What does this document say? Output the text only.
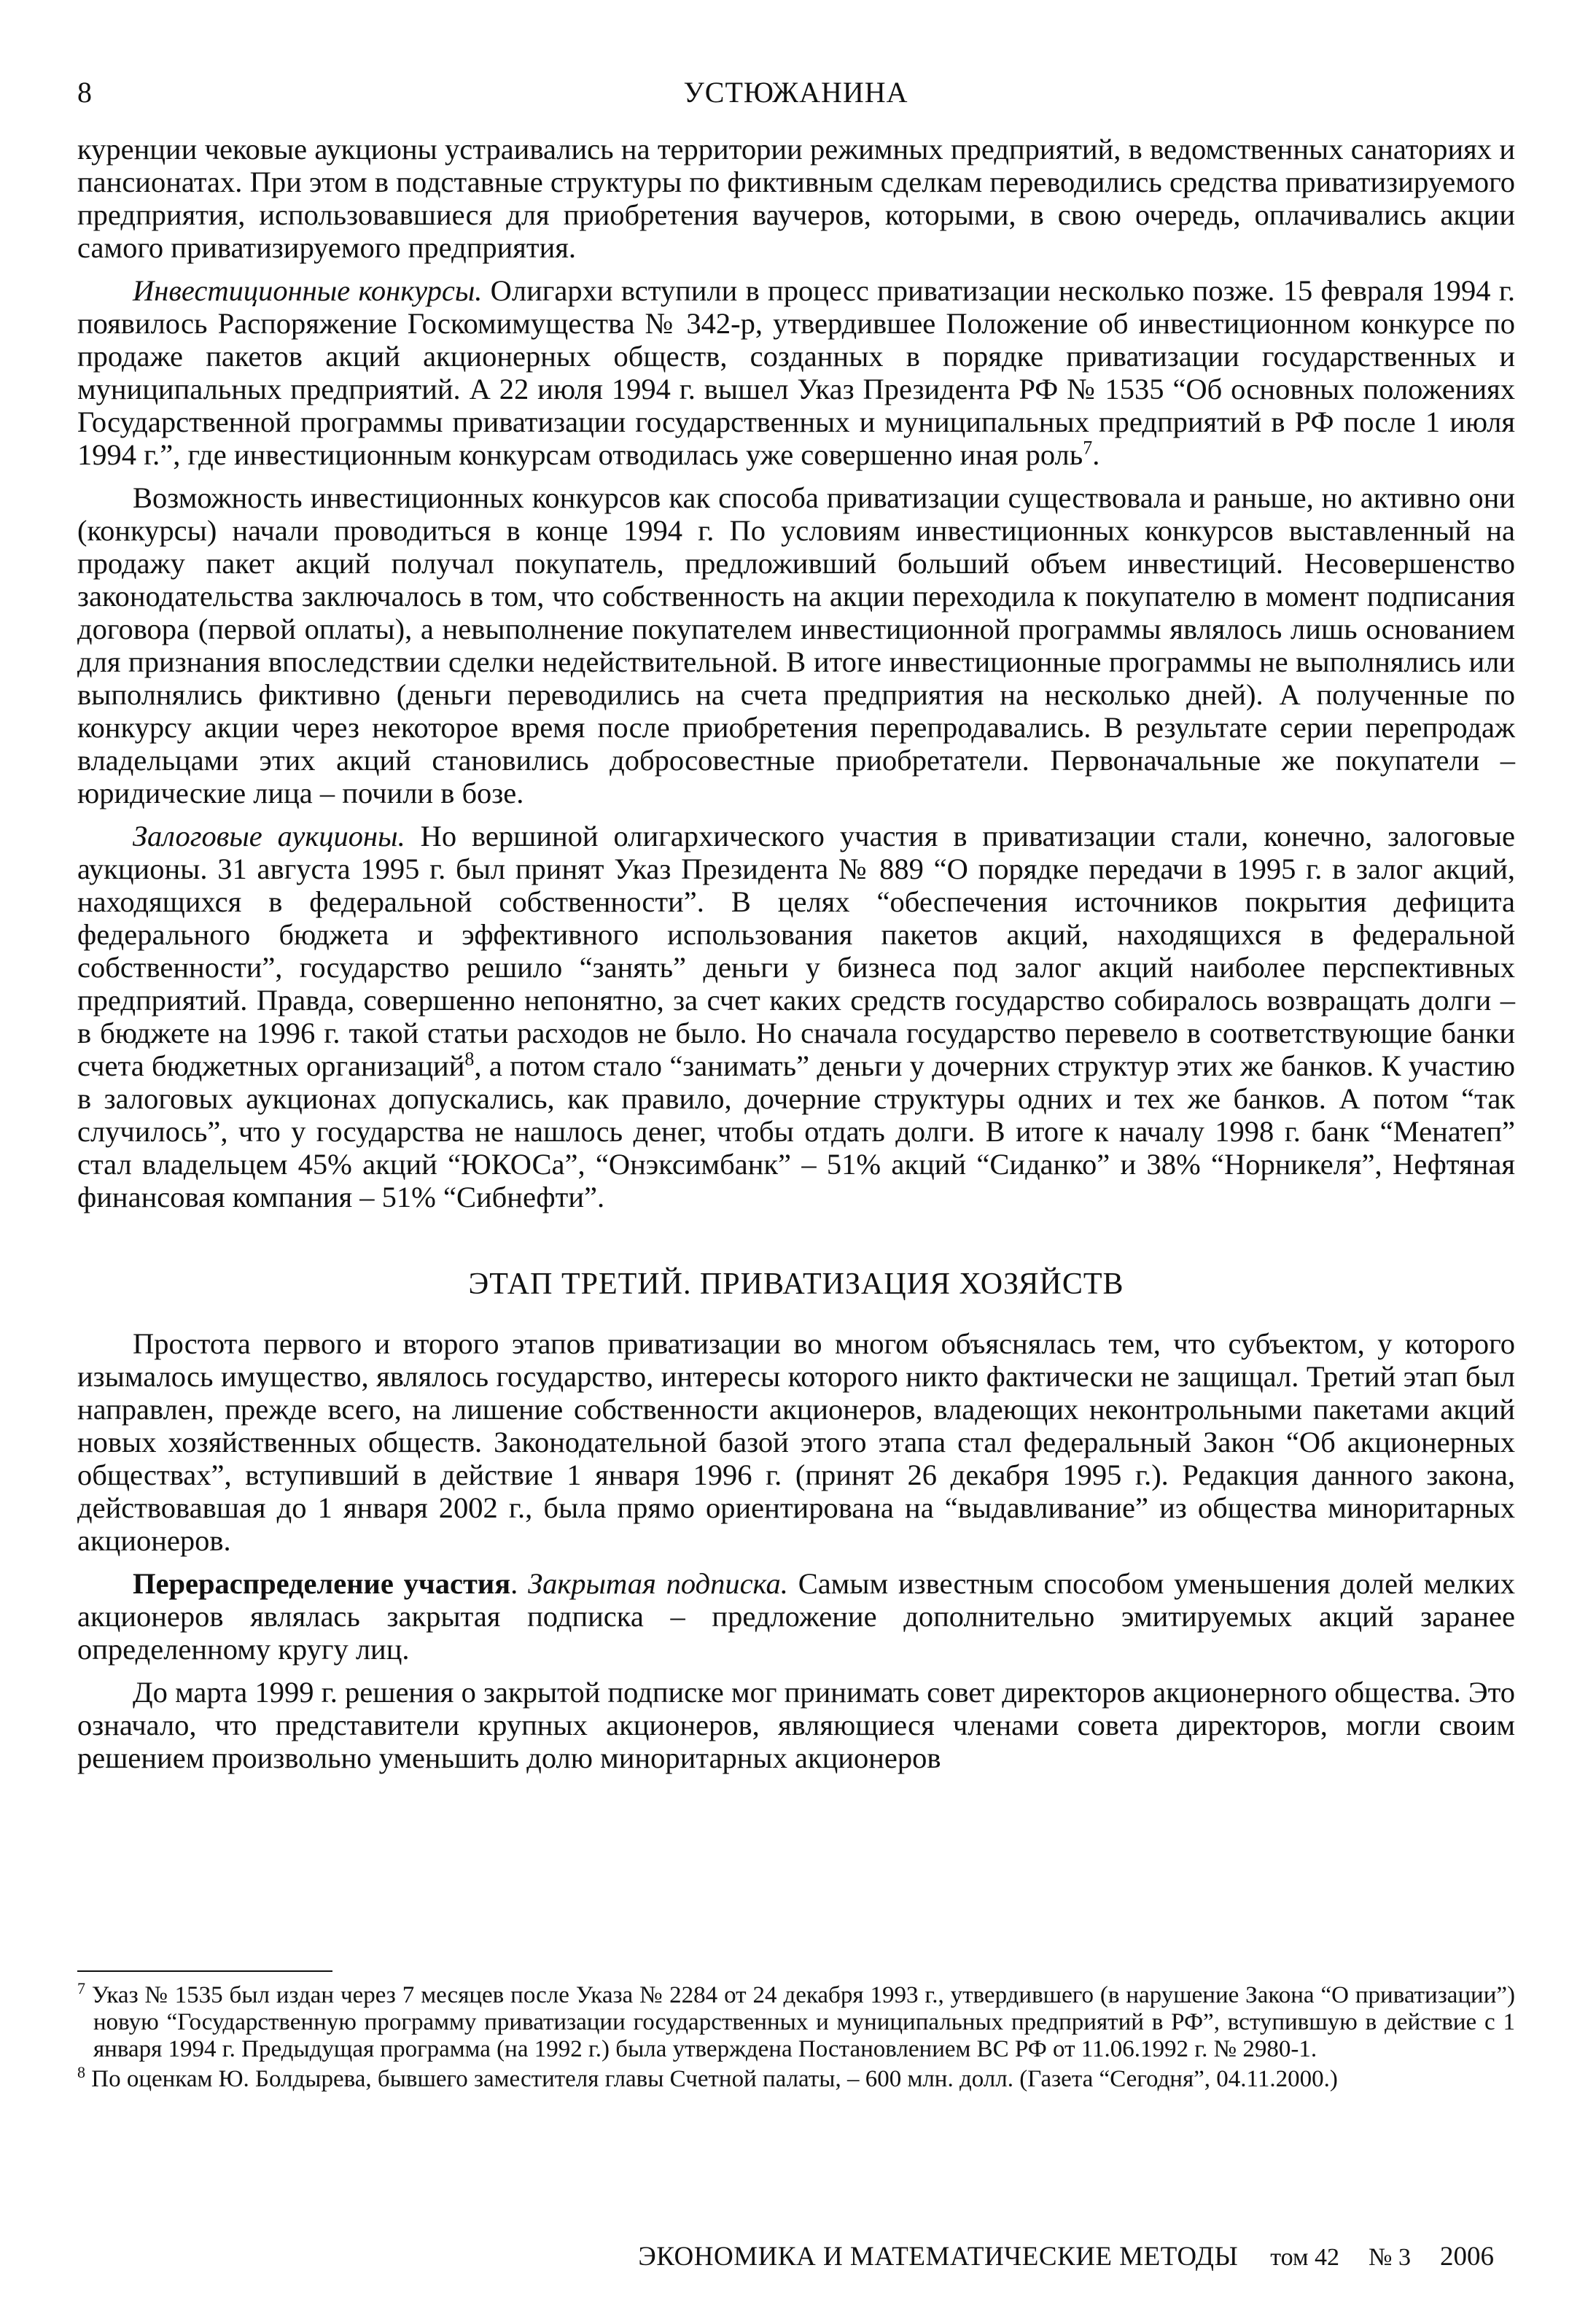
8	УСТЮЖАНИНА

куренции чековые аукционы устраивались на территории режимных предприятий, в ведомственных санаториях и пансионатах. При этом в подставные структуры по фиктивным сделкам переводились средства приватизируемого предприятия, использовавшиеся для приобретения ваучеров, которыми, в свою очередь, оплачивались акции самого приватизируемого предприятия.

Инвестиционные конкурсы. Олигархи вступили в процесс приватизации несколько позже. 15 февраля 1994 г. появилось Распоряжение Госкомимущества № 342-р, утвердившее Положение об инвестиционном конкурсе по продаже пакетов акций акционерных обществ, созданных в порядке приватизации государственных и муниципальных предприятий. А 22 июля 1994 г. вышел Указ Президента РФ № 1535 “Об основных положениях Государственной программы приватизации государственных и муниципальных предприятий в РФ после 1 июля 1994 г.”, где инвестиционным конкурсам отводилась уже совершенно иная роль$^7$.

Возможность инвестиционных конкурсов как способа приватизации существовала и раньше, но активно они (конкурсы) начали проводиться в конце 1994 г. По условиям инвестиционных конкурсов выставленный на продажу пакет акций получал покупатель, предложивший больший объем инвестиций. Несовершенство законодательства заключалось в том, что собственность на акции переходила к покупателю в момент подписания договора (первой оплаты), а невыполнение покупателем инвестиционной программы являлось лишь основанием для признания впоследствии сделки недействительной. В итоге инвестиционные программы не выполнялись или выполнялись фиктивно (деньги переводились на счета предприятия на несколько дней). А полученные по конкурсу акции через некоторое время после приобретения перепродавались. В результате серии перепродаж владельцами этих акций становились добросовестные приобретатели. Первоначальные же покупатели – юридические лица – почили в бозе.

Залоговые аукционы. Но вершиной олигархического участия в приватизации стали, конечно, залоговые аукционы. 31 августа 1995 г. был принят Указ Президента № 889 “О порядке передачи в 1995 г. в залог акций, находящихся в федеральной собственности”. В целях “обеспечения источников покрытия дефицита федерального бюджета и эффективного использования пакетов акций, находящихся в федеральной собственности”, государство решило “занять” деньги у бизнеса под залог акций наиболее перспективных предприятий. Правда, совершенно непонятно, за счет каких средств государство собиралось возвращать долги – в бюджете на 1996 г. такой статьи расходов не было. Но сначала государство перевело в соответствующие банки счета бюджетных организаций$^8$, а потом стало “занимать” деньги у дочерних структур этих же банков. К участию в залоговых аукционах допускались, как правило, дочерние структуры одних и тех же банков. А потом “так случилось”, что у государства не нашлось денег, чтобы отдать долги. В итоге к началу 1998 г. банк “Менатеп” стал владельцем 45% акций “ЮКОСа”, “Онэксимбанк” – 51% акций “Сиданко” и 38% “Норникеля”, Нефтяная финансовая компания – 51% “Сибнефти”.

ЭТАП ТРЕТИЙ. ПРИВАТИЗАЦИЯ ХОЗЯЙСТВ

Простота первого и второго этапов приватизации во многом объяснялась тем, что субъектом, у которого изымалось имущество, являлось государство, интересы которого никто фактически не защищал. Третий этап был направлен, прежде всего, на лишение собственности акционеров, владеющих неконтрольными пакетами акций новых хозяйственных обществ. Законодательной базой этого этапа стал федеральный Закон “Об акционерных обществах”, вступивший в действие 1 января 1996 г. (принят 26 декабря 1995 г.). Редакция данного закона, действовавшая до 1 января 2002 г., была прямо ориентирована на “выдавливание” из общества миноритарных акционеров.

Перераспределение участия. Закрытая подписка. Самым известным способом уменьшения долей мелких акционеров являлась закрытая подписка – предложение дополнительно эмитируемых акций заранее определенному кругу лиц.

До марта 1999 г. решения о закрытой подписке мог принимать совет директоров акционерного общества. Это означало, что представители крупных акционеров, являющиеся членами совета директоров, могли своим решением произвольно уменьшить долю миноритарных акционеров

$^7$ Указ № 1535 был издан через 7 месяцев после Указа № 2284 от 24 декабря 1993 г., утвердившего (в нарушение Закона “О приватизации”) новую “Государственную программу приватизации государственных и муниципальных предприятий в РФ”, вступившую в действие с 1 января 1994 г. Предыдущая программа (на 1992 г.) была утверждена Постановлением ВС РФ от 11.06.1992 г. № 2980-1.

$^8$ По оценкам Ю. Болдырева, бывшего заместителя главы Счетной палаты, – 600 млн. долл. (Газета “Сегодня”, 04.11.2000.)

ЭКОНОМИКА И МАТЕМАТИЧЕСКИЕ МЕТОДЫ том 42 № 3 2006
